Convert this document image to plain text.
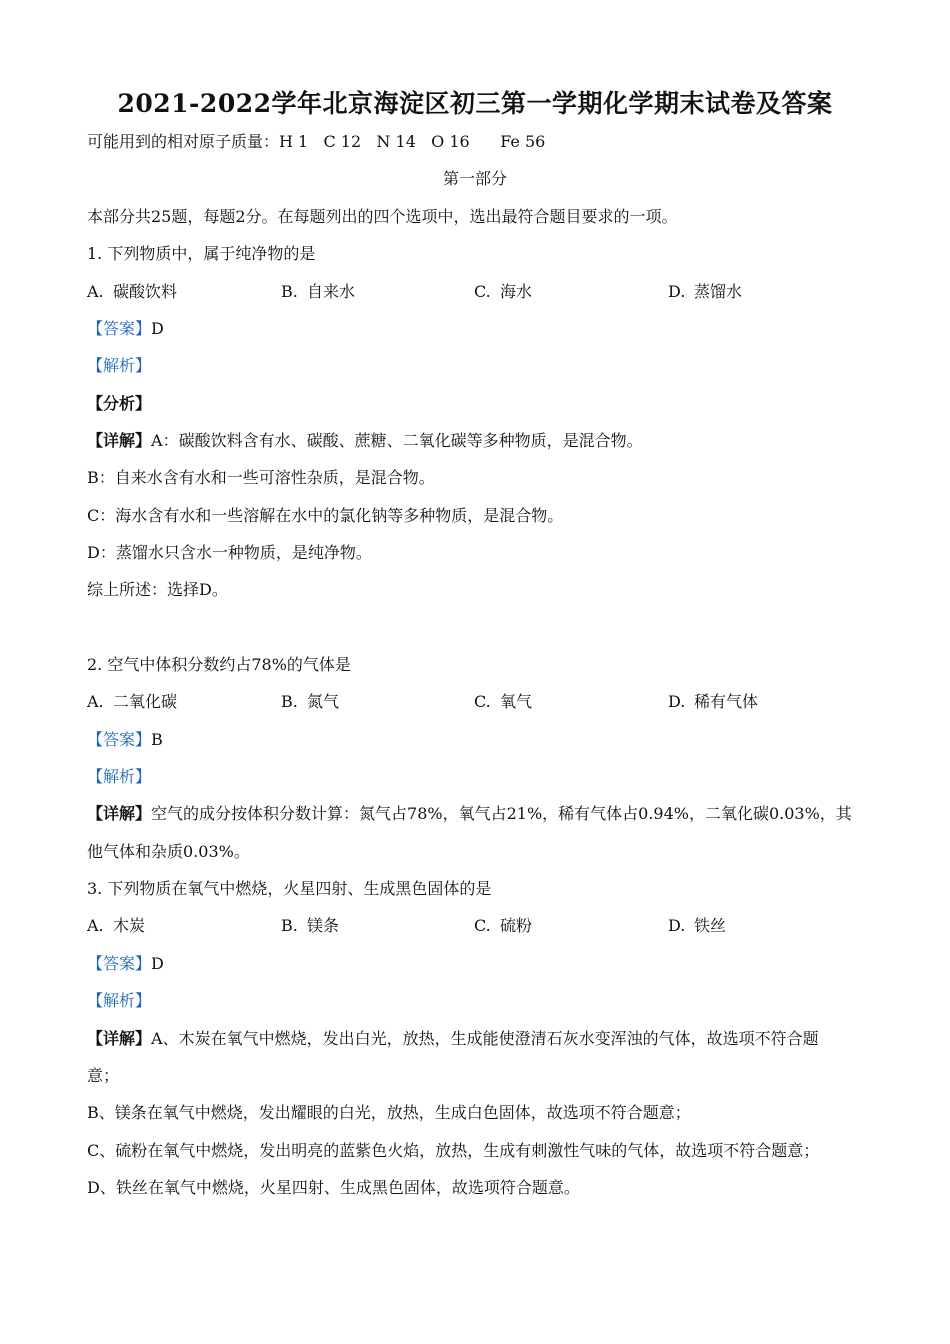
2021-2022学年北京海淀区初三第一学期化学期末试卷及答案
可能用到的相对原子质量：H 1   C 12   N 14   O 16      Fe 56
第一部分
本部分共25题，每题2分。在每题列出的四个选项中，选出最符合题目要求的一项。
1. 下列物质中，属于纯净物的是
A. 碳酸饮料	B. 自来水	C. 海水	D. 蒸馏水
【答案】D
【解析】
【分析】
【详解】A：碳酸饮料含有水、碳酸、蔗糖、二氧化碳等多种物质，是混合物。
B：自来水含有水和一些可溶性杂质，是混合物。
C：海水含有水和一些溶解在水中的氯化钠等多种物质，是混合物。
D：蒸馏水只含水一种物质，是纯净物。
综上所述：选择D。
2. 空气中体积分数约占78%的气体是
A. 二氧化碳	B. 氮气	C. 氧气	D. 稀有气体
【答案】B
【解析】
【详解】空气的成分按体积分数计算：氮气占78%，氧气占21%，稀有气体占0.94%，二氧化碳0.03%，其
他气体和杂质0.03%。
3. 下列物质在氧气中燃烧，火星四射、生成黑色固体的是
A. 木炭	B. 镁条	C. 硫粉	D. 铁丝
【答案】D
【解析】
【详解】A、木炭在氧气中燃烧，发出白光，放热，生成能使澄清石灰水变浑浊的气体，故选项不符合题
意；
B、镁条在氧气中燃烧，发出耀眼的白光，放热，生成白色固体，故选项不符合题意；
C、硫粉在氧气中燃烧，发出明亮的蓝紫色火焰，放热，生成有刺激性气味的气体，故选项不符合题意；
D、铁丝在氧气中燃烧，火星四射、生成黑色固体，故选项符合题意。
